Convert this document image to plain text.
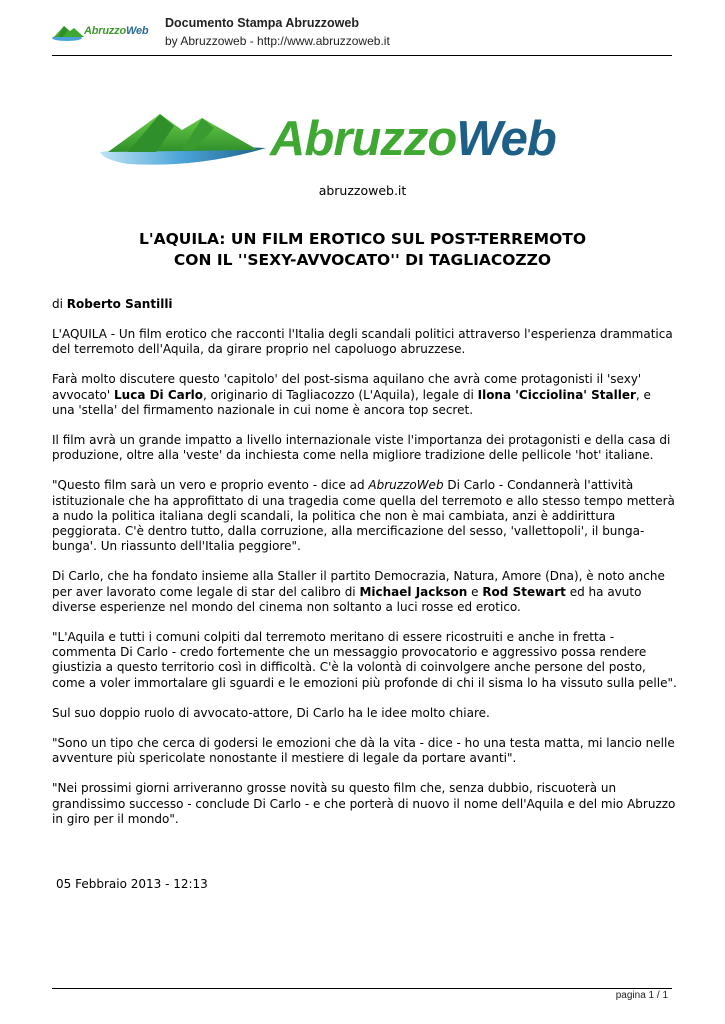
AbruzzoWeb
Documento Stampa Abruzzoweb
by Abruzzoweb - http://www.abruzzoweb.it
AbruzzoWeb
abruzzoweb.it
L'AQUILA: UN FILM EROTICO SUL POST-TERREMOTO
CON IL ''SEXY-AVVOCATO'' DI TAGLIACOZZO
di Roberto Santilli

L'AQUILA - Un film erotico che racconti l'Italia degli scandali politici attraverso l'esperienza drammatica del terremoto dell'Aquila, da girare proprio nel capoluogo abruzzese.

Farà molto discutere questo 'capitolo' del post-sisma aquilano che avrà come protagonisti il 'sexy' avvocato' Luca Di Carlo, originario di Tagliacozzo (L'Aquila), legale di Ilona 'Cicciolina' Staller, e una 'stella' del firmamento nazionale in cui nome è ancora top secret.

Il film avrà un grande impatto a livello internazionale viste l'importanza dei protagonisti e della casa di produzione, oltre alla 'veste' da inchiesta come nella migliore tradizione delle pellicole 'hot' italiane.

"Questo film sarà un vero e proprio evento - dice ad AbruzzoWeb Di Carlo - Condannerà l'attività istituzionale che ha approfittato di una tragedia come quella del terremoto e allo stesso tempo metterà a nudo la politica italiana degli scandali, la politica che non è mai cambiata, anzi è addirittura peggiorata. C'è dentro tutto, dalla corruzione, alla mercificazione del sesso, 'vallettopoli', il bunga-bunga'. Un riassunto dell'Italia peggiore".

Di Carlo, che ha fondato insieme alla Staller il partito Democrazia, Natura, Amore (Dna), è noto anche per aver lavorato come legale di star del calibro di Michael Jackson e Rod Stewart ed ha avuto diverse esperienze nel mondo del cinema non soltanto a luci rosse ed erotico.

"L'Aquila e tutti i comuni colpiti dal terremoto meritano di essere ricostruiti e anche in fretta - commenta Di Carlo - credo fortemente che un messaggio provocatorio e aggressivo possa rendere giustizia a questo territorio così in difficoltà. C'è la volontà di coinvolgere anche persone del posto, come a voler immortalare gli sguardi e le emozioni più profonde di chi il sisma lo ha vissuto sulla pelle".

Sul suo doppio ruolo di avvocato-attore, Di Carlo ha le idee molto chiare.

"Sono un tipo che cerca di godersi le emozioni che dà la vita - dice - ho una testa matta, mi lancio nelle avventure più spericolate nonostante il mestiere di legale da portare avanti".

"Nei prossimi giorni arriveranno grosse novità su questo film che, senza dubbio, riscuoterà un grandissimo successo - conclude Di Carlo - e che porterà di nuovo il nome dell'Aquila e del mio Abruzzo in giro per il mondo".

05 Febbraio 2013 - 12:13
pagina 1 / 1
